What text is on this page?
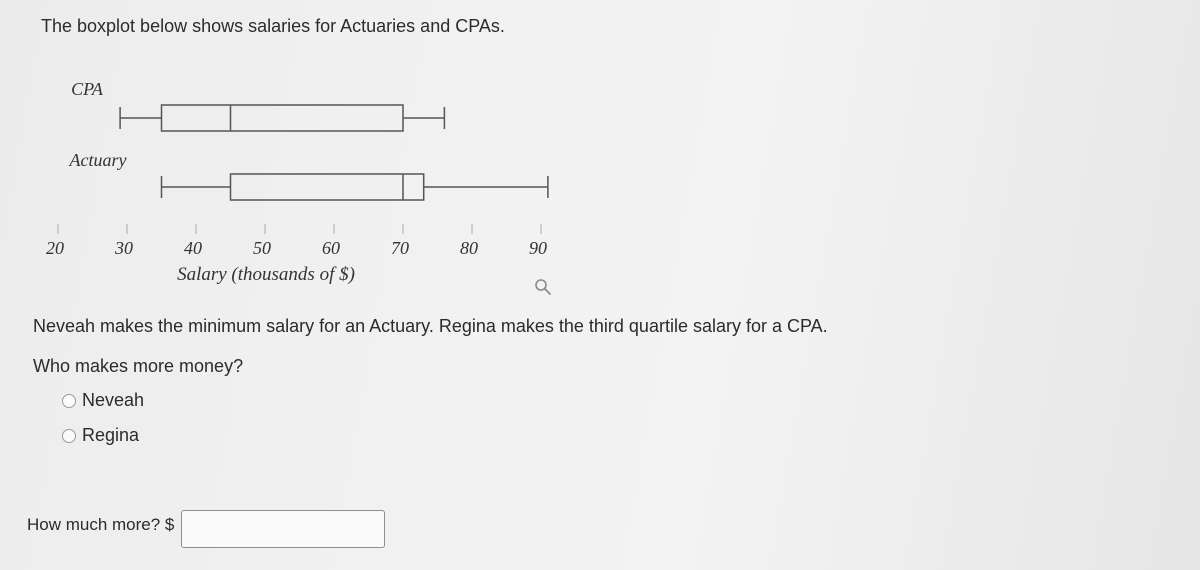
The boxplot below shows salaries for Actuaries and CPAs.
20	30	40	50	60	70	80	90
CPA
Actuary
Salary (thousands of $)
Neveah makes the minimum salary for an Actuary. Regina makes the third quartile salary for a CPA.
Who makes more money?
Neveah
Regina
How much more? $
